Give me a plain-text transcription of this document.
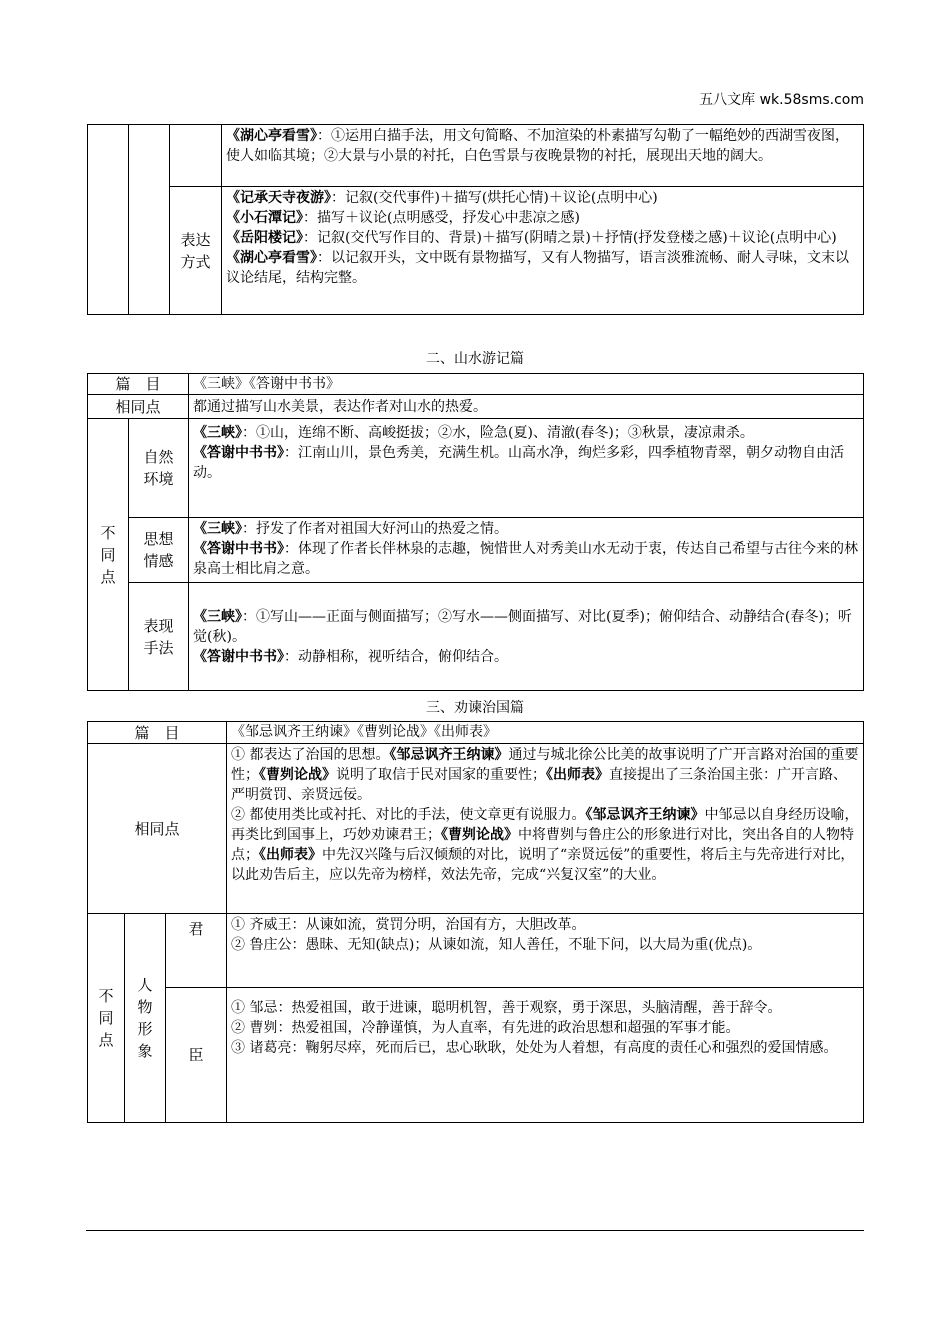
五八文库 wk.58sms.com
			《湖心亭看雪》：①运用白描手法，用文句简略、不加渲染的朴素描写勾勒了一幅绝妙的西湖雪夜图，使人如临其境；②大景与小景的衬托，白色雪景与夜晚景物的衬托，展现出天地的阔大。
		表达方式	《记承天寺夜游》：记叙(交代事件)＋描写(烘托心情)＋议论(点明中心)

《小石潭记》：描写＋议论(点明感受，抒发心中悲凉之感)

《岳阳楼记》：记叙(交代写作目的、背景)＋描写(阴晴之景)＋抒情(抒发登楼之感)＋议论(点明中心)

《湖心亭看雪》：以记叙开头，文中既有景物描写，又有人物描写，语言淡雅流畅、耐人寻味，文末以议论结尾，结构完整。

二、山水游记篇
篇　目		《三峡》《答谢中书书》
相同点		都通过描写山水美景，表达作者对山水的热爱。
不同点	自然环境	《三峡》：①山，连绵不断、高峻挺拔；②水，险急(夏)、清澈(春冬)；③秋景，凄凉肃杀。

《答谢中书书》：江南山川，景色秀美，充满生机。山高水净，绚烂多彩，四季植物青翠，朝夕动物自由活动。

	思想情感	《三峡》：抒发了作者对祖国大好河山的热爱之情。

《答谢中书书》：体现了作者长伴林泉的志趣，惋惜世人对秀美山水无动于衷，传达自己希望与古往今来的林泉高士相比肩之意。

	表现手法	《三峡》：①写山——正面与侧面描写；②写水——侧面描写、对比(夏季)；俯仰结合、动静结合(春冬)；听觉(秋)。

《答谢中书书》：动静相称，视听结合，俯仰结合。

三、劝谏治国篇
篇　目			《邹忌讽齐王纳谏》《曹刿论战》《出师表》
相同点			① 都表达了治国的思想。《邹忌讽齐王纳谏》通过与城北徐公比美的故事说明了广开言路对治国的重要性；《曹刿论战》说明了取信于民对国家的重要性；《出师表》直接提出了三条治国主张：广开言路、严明赏罚、亲贤远佞。

② 都使用类比或衬托、对比的手法，使文章更有说服力。《邹忌讽齐王纳谏》中邹忌以自身经历设喻，再类比到国事上，巧妙劝谏君王；《曹刿论战》中将曹刿与鲁庄公的形象进行对比，突出各自的人物特点；《出师表》中先汉兴隆与后汉倾颓的对比，说明了“亲贤远佞”的重要性，将后主与先帝进行对比，以此劝告后主，应以先帝为榜样，效法先帝，完成“兴复汉室”的大业。

不同点	人物形象	君	① 齐威王：从谏如流，赏罚分明，治国有方，大胆改革。

② 鲁庄公：愚昧、无知(缺点)；从谏如流，知人善任，不耻下问，以大局为重(优点)。

		臣	① 邹忌：热爱祖国，敢于进谏，聪明机智，善于观察，勇于深思，头脑清醒，善于辞令。

② 曹刿：热爱祖国，冷静谨慎，为人直率，有先进的政治思想和超强的军事才能。

③ 诸葛亮：鞠躬尽瘁，死而后已，忠心耿耿，处处为人着想，有高度的责任心和强烈的爱国情感。
